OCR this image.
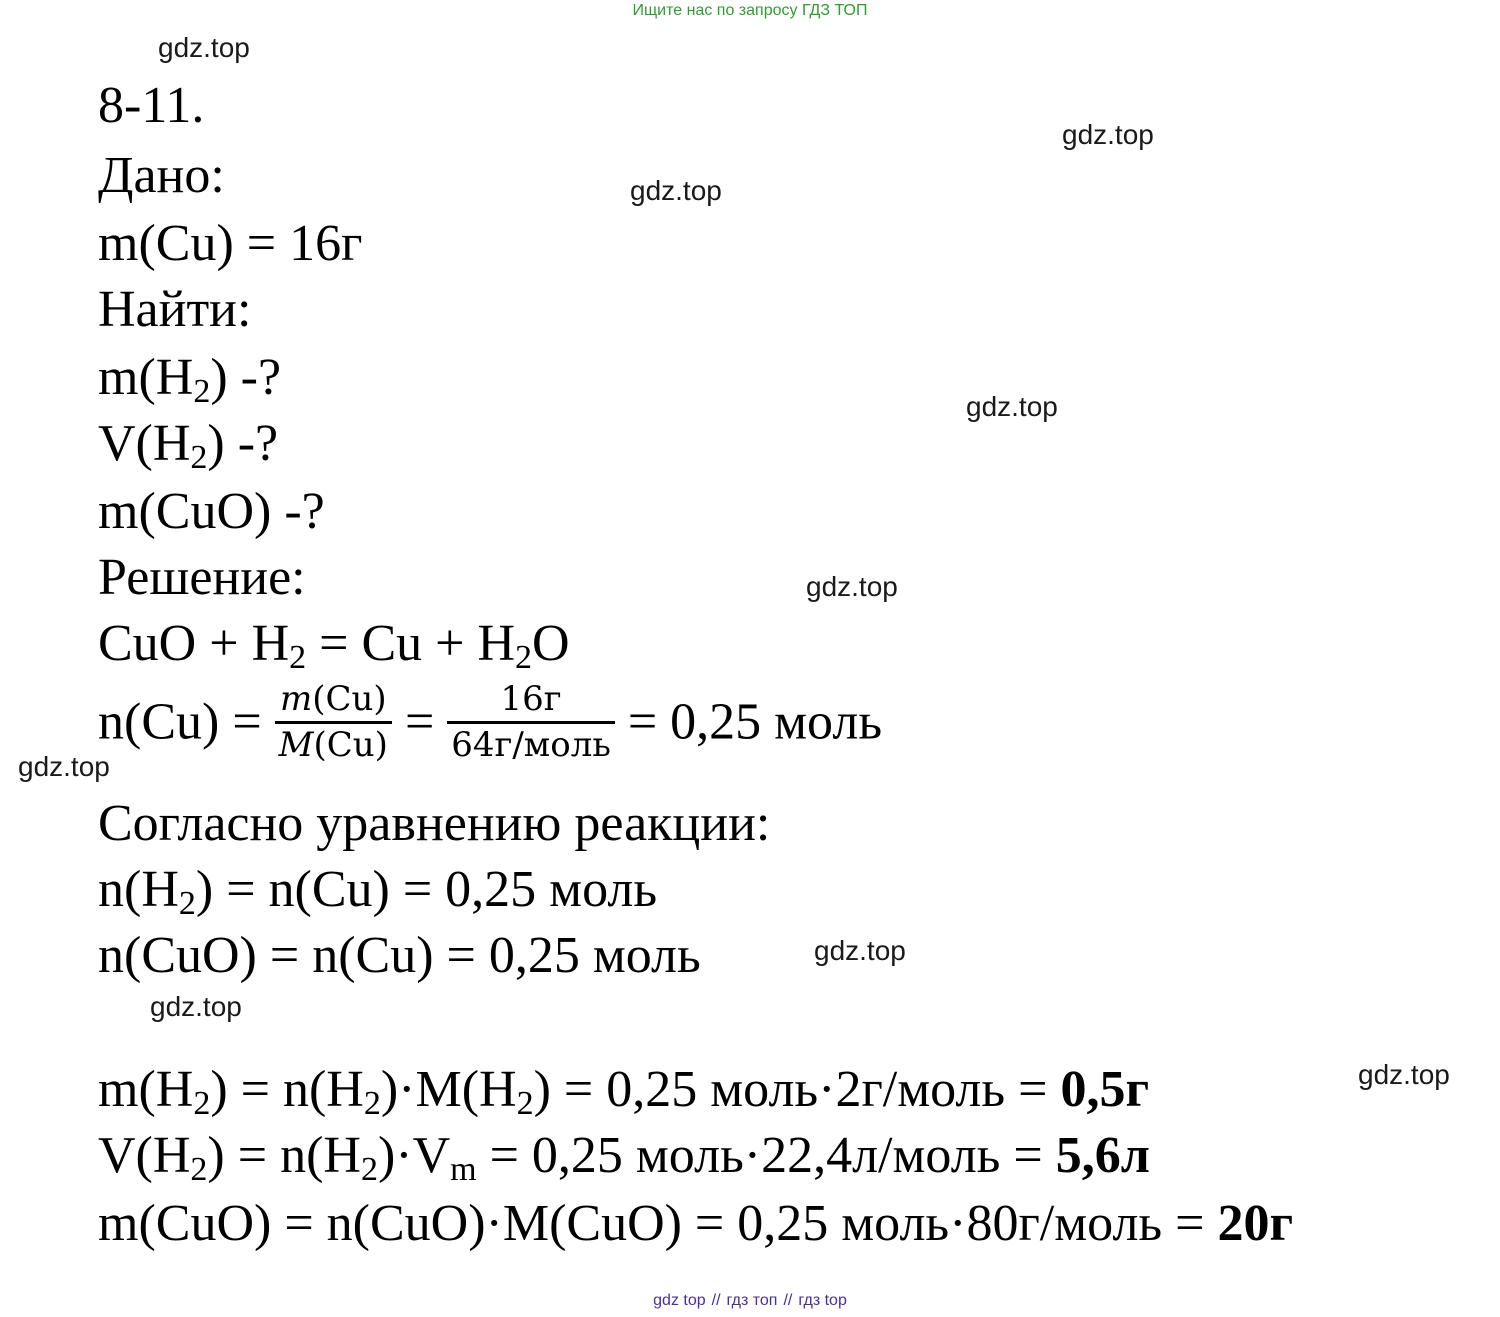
Ищите нас по запросу ГДЗ ТОП
gdz.top
gdz.top
gdz.top
gdz.top
gdz.top
gdz.top
gdz.top
gdz.top
gdz.top
8-11.
Дано:
m(Cu) = 16г
Найти:
$m(H_2)$ -?
$V(H_2)$ -?
m(CuO) -?
Решение:
CuO + $H_2 = Cu + H_2O$
$n(Cu) = \frac{m(Cu)}{M(Cu)} = \frac{16г}{\text{64г/моль}} = 0,25$ моль
Согласно уравнению реакции:
$n(H_2) = n(Cu) = 0,25$ моль
n(CuO) = n(Cu) = 0,25 моль
$m(H_2) = n(H_2)\cdot M(H_2) = 0,25$ моль·2г/моль = 0,5г
$V(H_2) = n(H_2)\cdot V_m = 0,25$ моль·22,4л/моль = 5,6л
m(CuO) = n(CuO)·M(CuO) = 0,25 моль·80г/моль = 20г
gdz top // гдз топ // гдз top
